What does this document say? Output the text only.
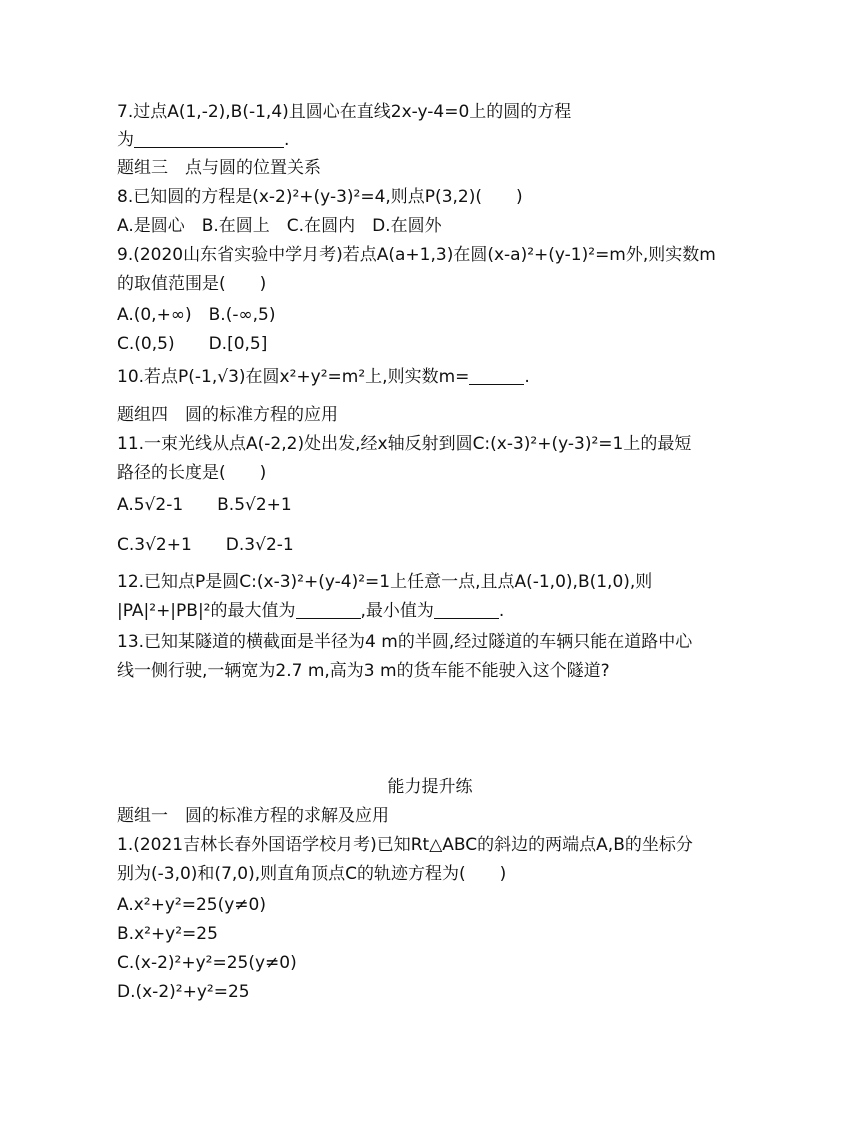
7.过点A(1,-2),B(-1,4)且圆心在直线2x-y-4=0上的圆的方程
为	.
题组三　点与圆的位置关系
8.已知圆的方程是(x-2)²+(y-3)²=4,则点P(3,2)(　　)
A.是圆心　B.在圆上　C.在圆内　D.在圆外
9.(2020山东省实验中学月考)若点A(a+1,3)在圆(x-a)²+(y-1)²=m外,则实数m
的取值范围是(　　)
A.(0,+∞)　B.(-∞,5)
C.(0,5)　　D.[0,5]
10.若点P(-1,√3)在圆x²+y²=m²上,则实数m=	.
题组四　圆的标准方程的应用
11.一束光线从点A(-2,2)处出发,经x轴反射到圆C:(x-3)²+(y-3)²=1上的最短
路径的长度是(　　)
A.5√2-1　　B.5√2+1
C.3√2+1　　D.3√2-1
12.已知点P是圆C:(x-3)²+(y-4)²=1上任意一点,且点A(-1,0),B(1,0),则
|PA|²+|PB|²的最大值为	,最小值为	.
13.已知某隧道的横截面是半径为4 m的半圆,经过隧道的车辆只能在道路中心
线一侧行驶,一辆宽为2.7 m,高为3 m的货车能不能驶入这个隧道?
能力提升练
题组一　圆的标准方程的求解及应用
1.(2021吉林长春外国语学校月考)已知Rt△ABC的斜边的两端点A,B的坐标分
别为(-3,0)和(7,0),则直角顶点C的轨迹方程为(　　)
A.x²+y²=25(y≠0)
B.x²+y²=25
C.(x-2)²+y²=25(y≠0)
D.(x-2)²+y²=25
